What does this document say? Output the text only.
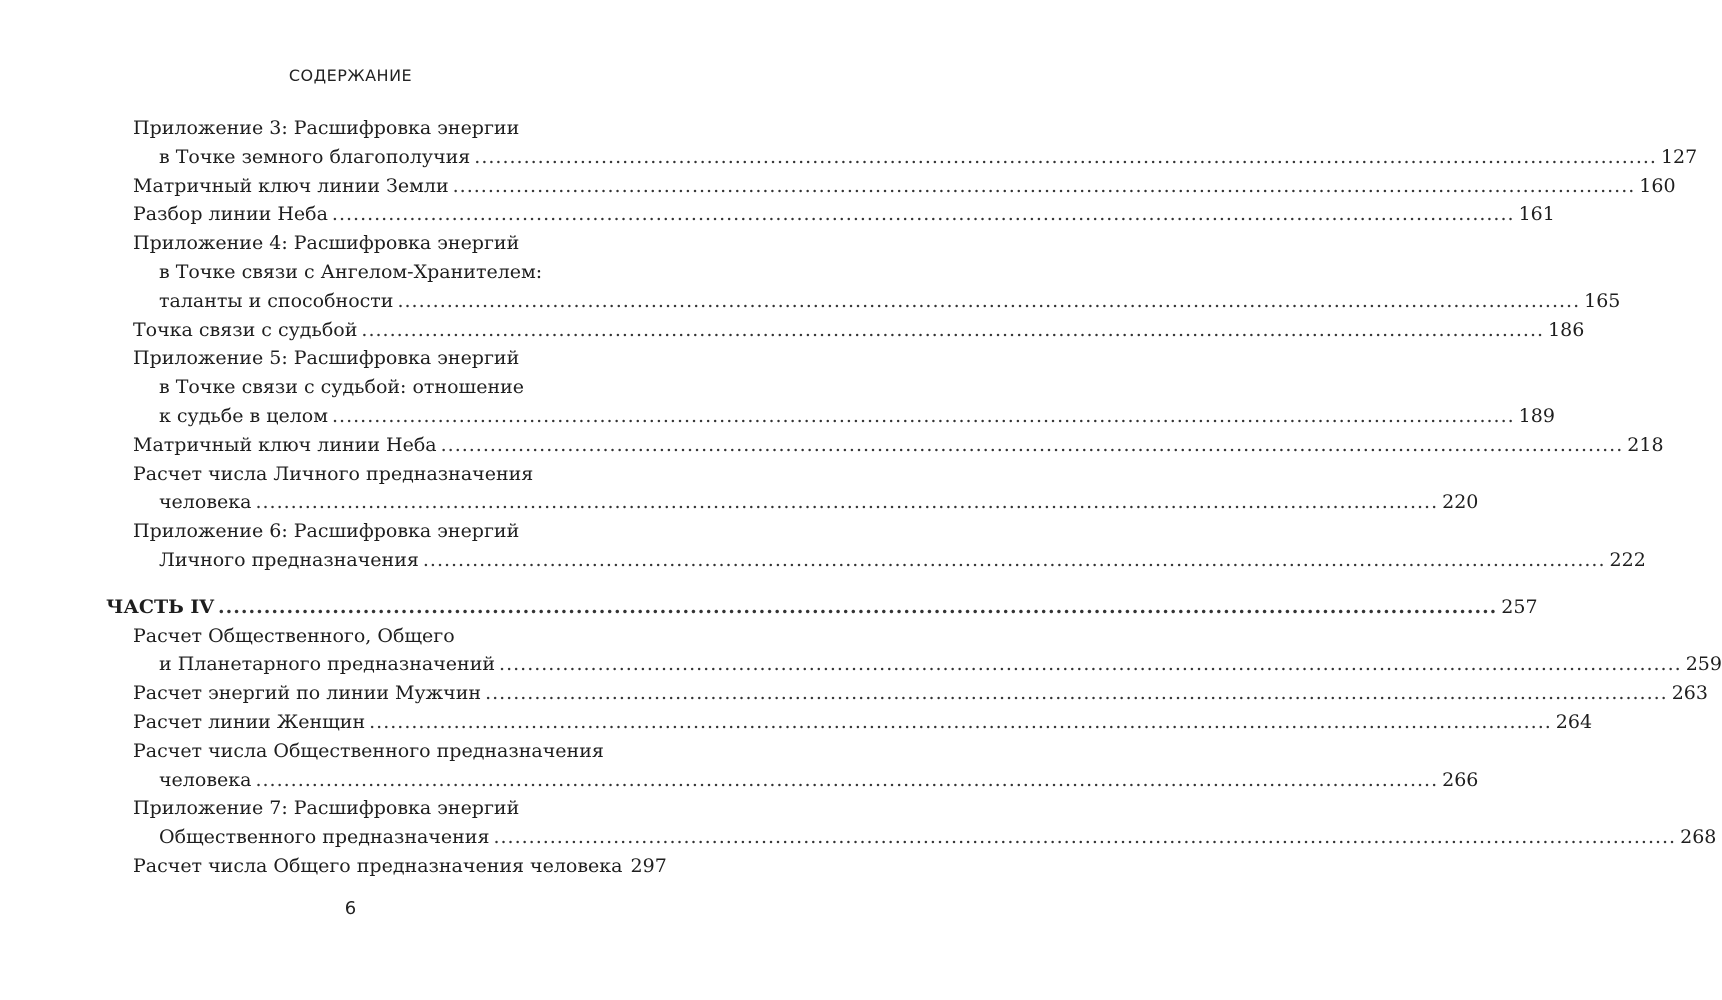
СОДЕРЖАНИЕ
Приложение 3: Расшифровка энергии
в Точке земного благополучия .....	127
Матричный ключ линии Земли .....	160
Разбор линии Неба .....	161
Приложение 4: Расшифровка энергий
в Точке связи с Ангелом-Хранителем:
таланты и способности .....	165
Точка связи с судьбой .....	186
Приложение 5: Расшифровка энергий
в Точке связи с судьбой: отношение
к судьбе в целом .....	189
Матричный ключ линии Неба .....	218
Расчет числа Личного предназначения
человека .....	220
Приложение 6: Расшифровка энергий
Личного предназначения .....	222
ЧАСТЬ IV .....	257
Расчет Общественного, Общего
и Планетарного предназначений .....	259
Расчет энергий по линии Мужчин .....	263
Расчет линии Женщин .....	264
Расчет числа Общественного предназначения
человека .....	266
Приложение 7: Расшифровка энергий
Общественного предназначения .....	268
Расчет числа Общего предназначения человека 297
6
